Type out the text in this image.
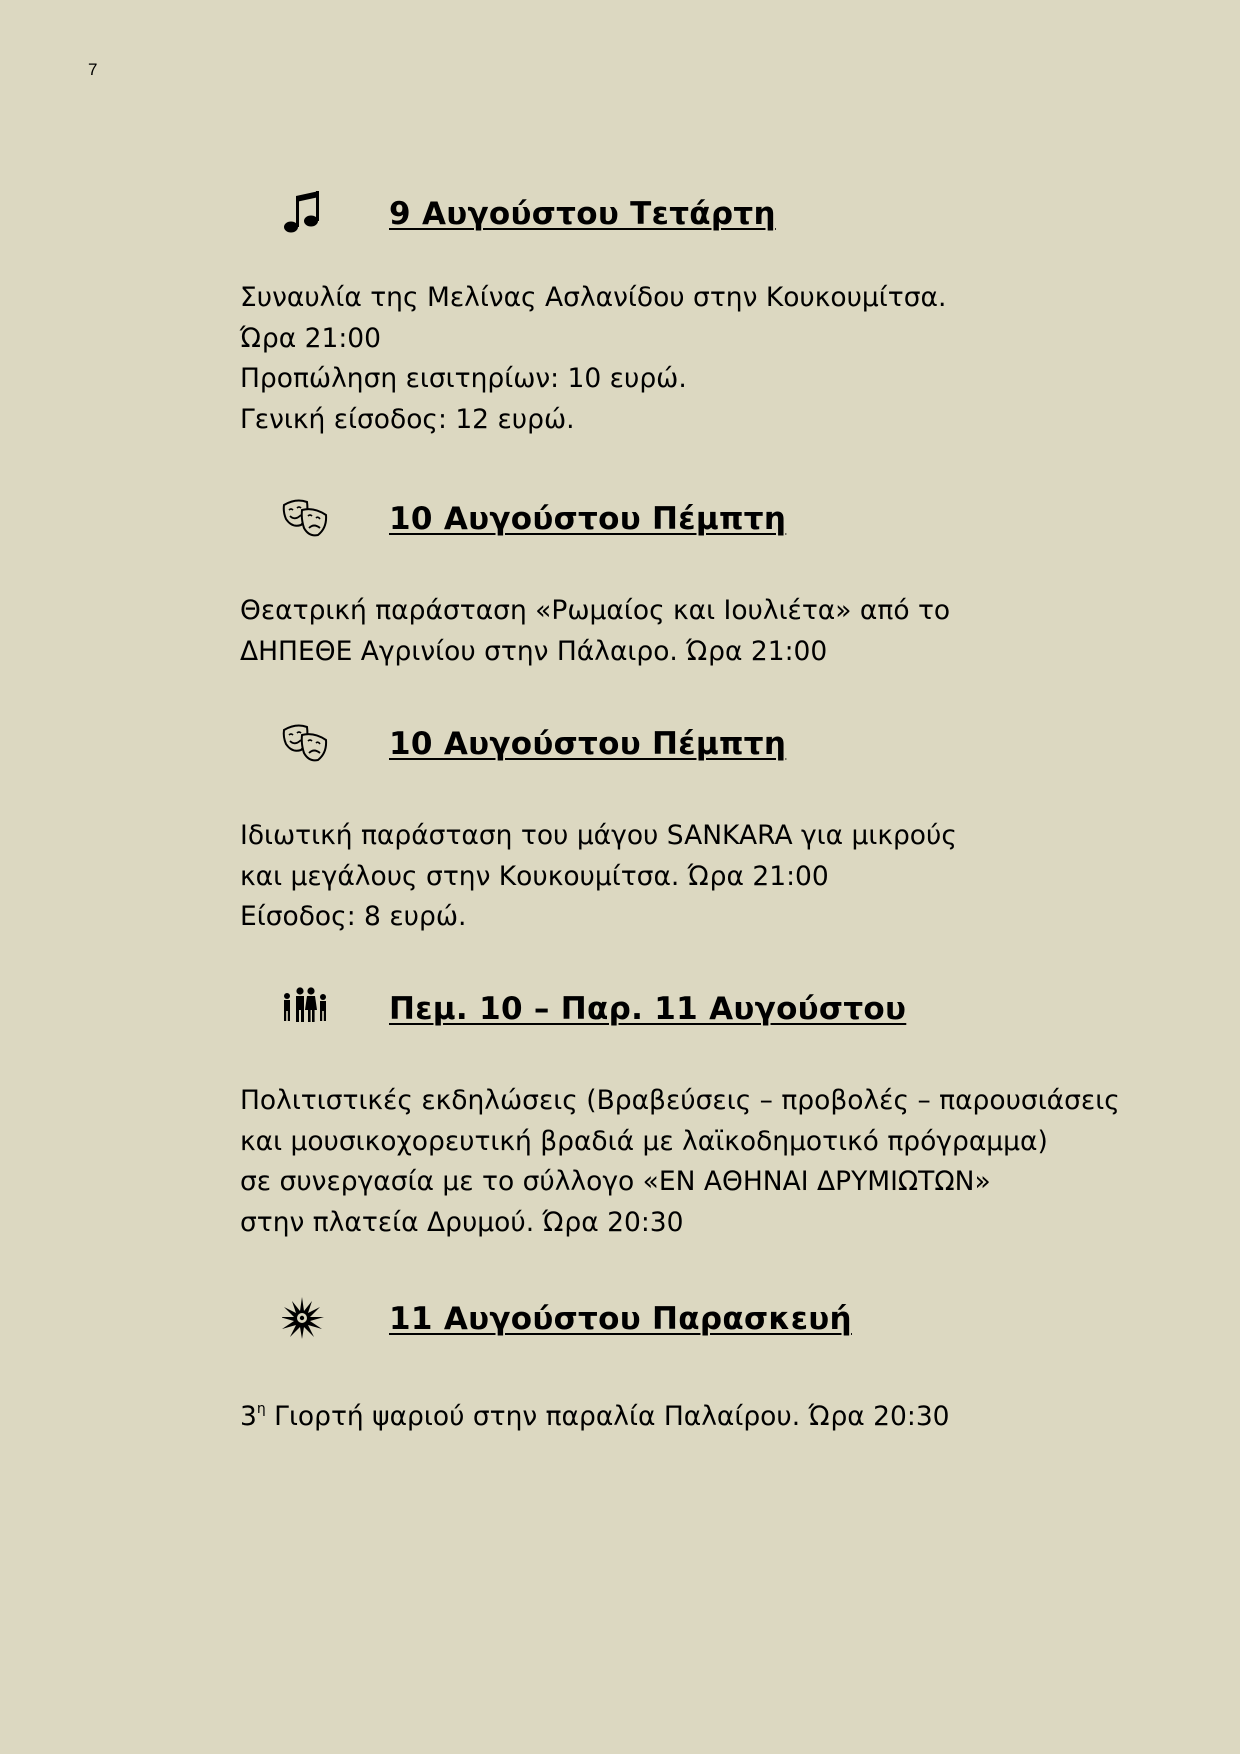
7
9 Αυγούστου Τετάρτη
Συναυλία της Μελίνας Ασλανίδου στην Κουκουμίτσα.
Ώρα 21:00
Προπώληση εισιτηρίων: 10 ευρώ.
Γενική είσοδος: 12 ευρώ.
10 Αυγούστου Πέμπτη
Θεατρική παράσταση «Ρωμαίος και Ιουλιέτα» από το
ΔΗΠΕΘΕ Αγρινίου στην Πάλαιρο. Ώρα 21:00
10 Αυγούστου Πέμπτη
Ιδιωτική παράσταση του μάγου SANKARA για μικρούς
και μεγάλους στην Κουκουμίτσα. Ώρα 21:00
Είσοδος: 8 ευρώ.
Πεμ. 10 – Παρ. 11 Αυγούστου
Πολιτιστικές εκδηλώσεις (Βραβεύσεις – προβολές – παρουσιάσεις
και μουσικοχορευτική βραδιά με λαϊκοδημοτικό πρόγραμμα)
σε συνεργασία με το σύλλογο «ΕΝ ΑΘΗΝΑΙ ΔΡΥΜΙΩΤΩΝ»
στην πλατεία Δρυμού. Ώρα 20:30
11 Αυγούστου Παρασκευή
$3^\eta$ Γιορτή ψαριού στην παραλία Παλαίρου. Ώρα 20:30
